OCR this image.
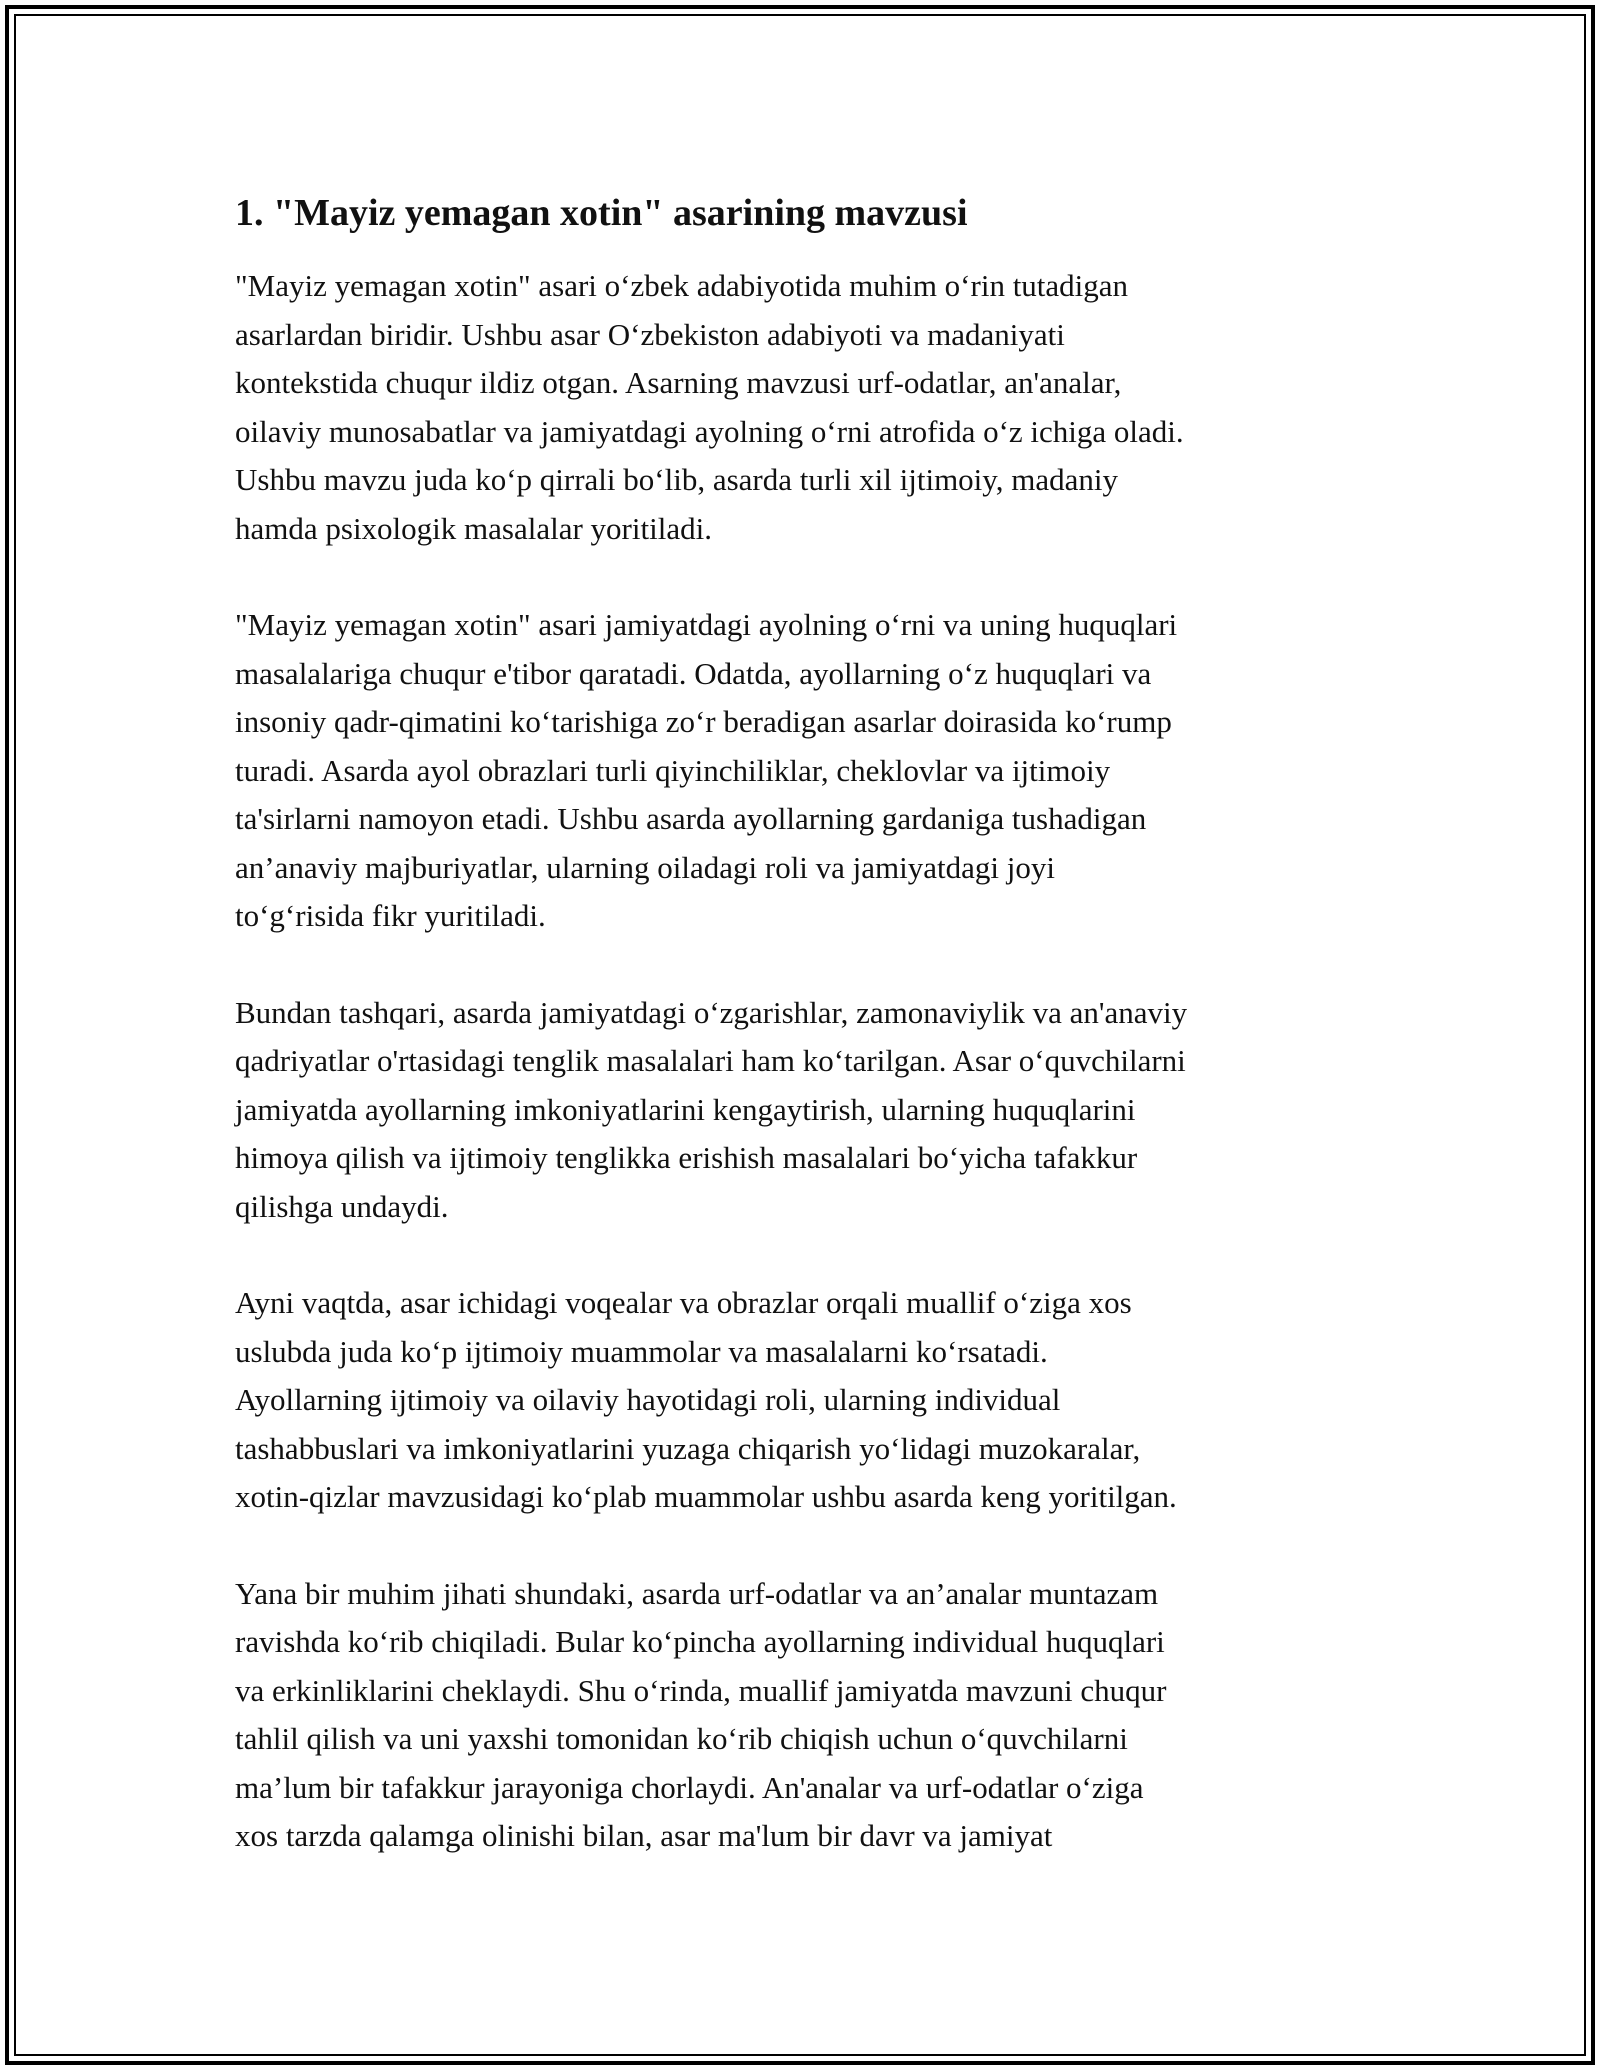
1. "Mayiz yemagan xotin" asarining mavzusi

"Mayiz yemagan xotin" asari oʻzbek adabiyotida muhim oʻrin tutadigan
asarlardan biridir. Ushbu asar Oʻzbekiston adabiyoti va madaniyati
kontekstida chuqur ildiz otgan. Asarning mavzusi urf-odatlar, an'analar,
oilaviy munosabatlar va jamiyatdagi ayolning oʻrni atrofida oʻz ichiga oladi.
Ushbu mavzu juda koʻp qirrali boʻlib, asarda turli xil ijtimoiy, madaniy
hamda psixologik masalalar yoritiladi.

"Mayiz yemagan xotin" asari jamiyatdagi ayolning oʻrni va uning huquqlari
masalalariga chuqur e'tibor qaratadi. Odatda, ayollarning oʻz huquqlari va
insoniy qadr-qimatini koʻtarishiga zoʻr beradigan asarlar doirasida koʻrump
turadi. Asarda ayol obrazlari turli qiyinchiliklar, cheklovlar va ijtimoiy
ta'sirlarni namoyon etadi. Ushbu asarda ayollarning gardaniga tushadigan
an’anaviy majburiyatlar, ularning oiladagi roli va jamiyatdagi joyi
toʻgʻrisida fikr yuritiladi.

Bundan tashqari, asarda jamiyatdagi oʻzgarishlar, zamonaviylik va an'anaviy
qadriyatlar o'rtasidagi tenglik masalalari ham koʻtarilgan. Asar oʻquvchilarni
jamiyatda ayollarning imkoniyatlarini kengaytirish, ularning huquqlarini
himoya qilish va ijtimoiy tenglikka erishish masalalari boʻyicha tafakkur
qilishga undaydi.

Ayni vaqtda, asar ichidagi voqealar va obrazlar orqali muallif oʻziga xos
uslubda juda koʻp ijtimoiy muammolar va masalalarni koʻrsatadi.
Ayollarning ijtimoiy va oilaviy hayotidagi roli, ularning individual
tashabbuslari va imkoniyatlarini yuzaga chiqarish yoʻlidagi muzokaralar,
xotin-qizlar mavzusidagi koʻplab muammolar ushbu asarda keng yoritilgan.

Yana bir muhim jihati shundaki, asarda urf-odatlar va an’analar muntazam
ravishda koʻrib chiqiladi. Bular koʻpincha ayollarning individual huquqlari
va erkinliklarini cheklaydi. Shu oʻrinda, muallif jamiyatda mavzuni chuqur
tahlil qilish va uni yaxshi tomonidan koʻrib chiqish uchun oʻquvchilarni
ma’lum bir tafakkur jarayoniga chorlaydi. An'analar va urf-odatlar oʻziga
xos tarzda qalamga olinishi bilan, asar ma'lum bir davr va jamiyat
